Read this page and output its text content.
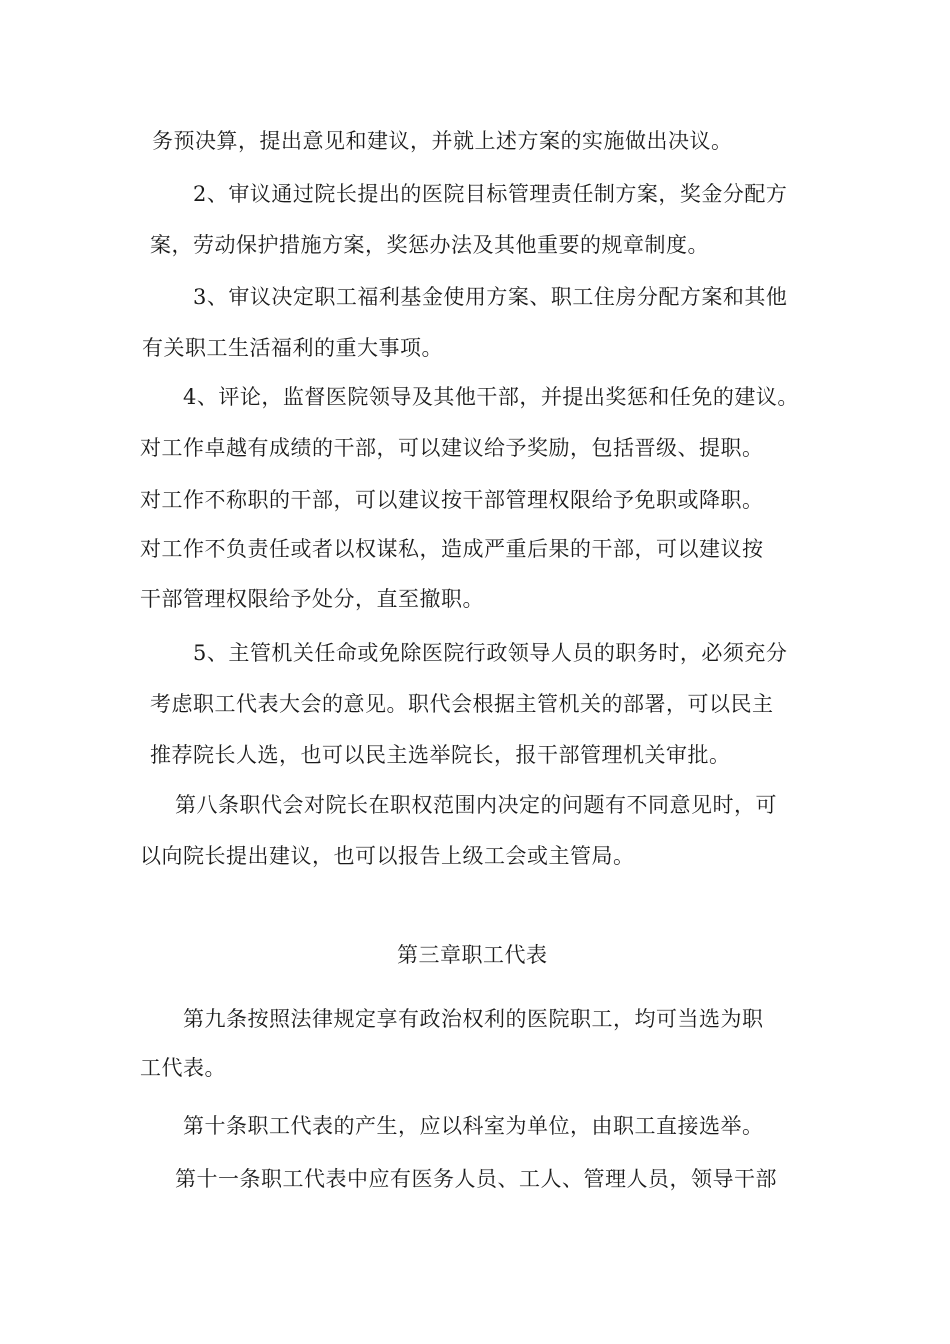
务预决算，提出意见和建议，并就上述方案的实施做出决议。
2、审议通过院长提出的医院目标管理责任制方案，奖金分配方
案，劳动保护措施方案，奖惩办法及其他重要的规章制度。
3、审议决定职工福利基金使用方案、职工住房分配方案和其他
有关职工生活福利的重大事项。
4、评论，监督医院领导及其他干部，并提出奖惩和任免的建议。
对工作卓越有成绩的干部，可以建议给予奖励，包括晋级、提职。
对工作不称职的干部，可以建议按干部管理权限给予免职或降职。
对工作不负责任或者以权谋私，造成严重后果的干部，可以建议按
干部管理权限给予处分，直至撤职。
5、主管机关任命或免除医院行政领导人员的职务时，必须充分
考虑职工代表大会的意见。职代会根据主管机关的部署，可以民主
推荐院长人选，也可以民主选举院长，报干部管理机关审批。
第八条职代会对院长在职权范围内决定的问题有不同意见时，可
以向院长提出建议，也可以报告上级工会或主管局。
第三章职工代表
第九条按照法律规定享有政治权利的医院职工，均可当选为职
工代表。
第十条职工代表的产生，应以科室为单位，由职工直接选举。
第十一条职工代表中应有医务人员、工人、管理人员，领导干部
